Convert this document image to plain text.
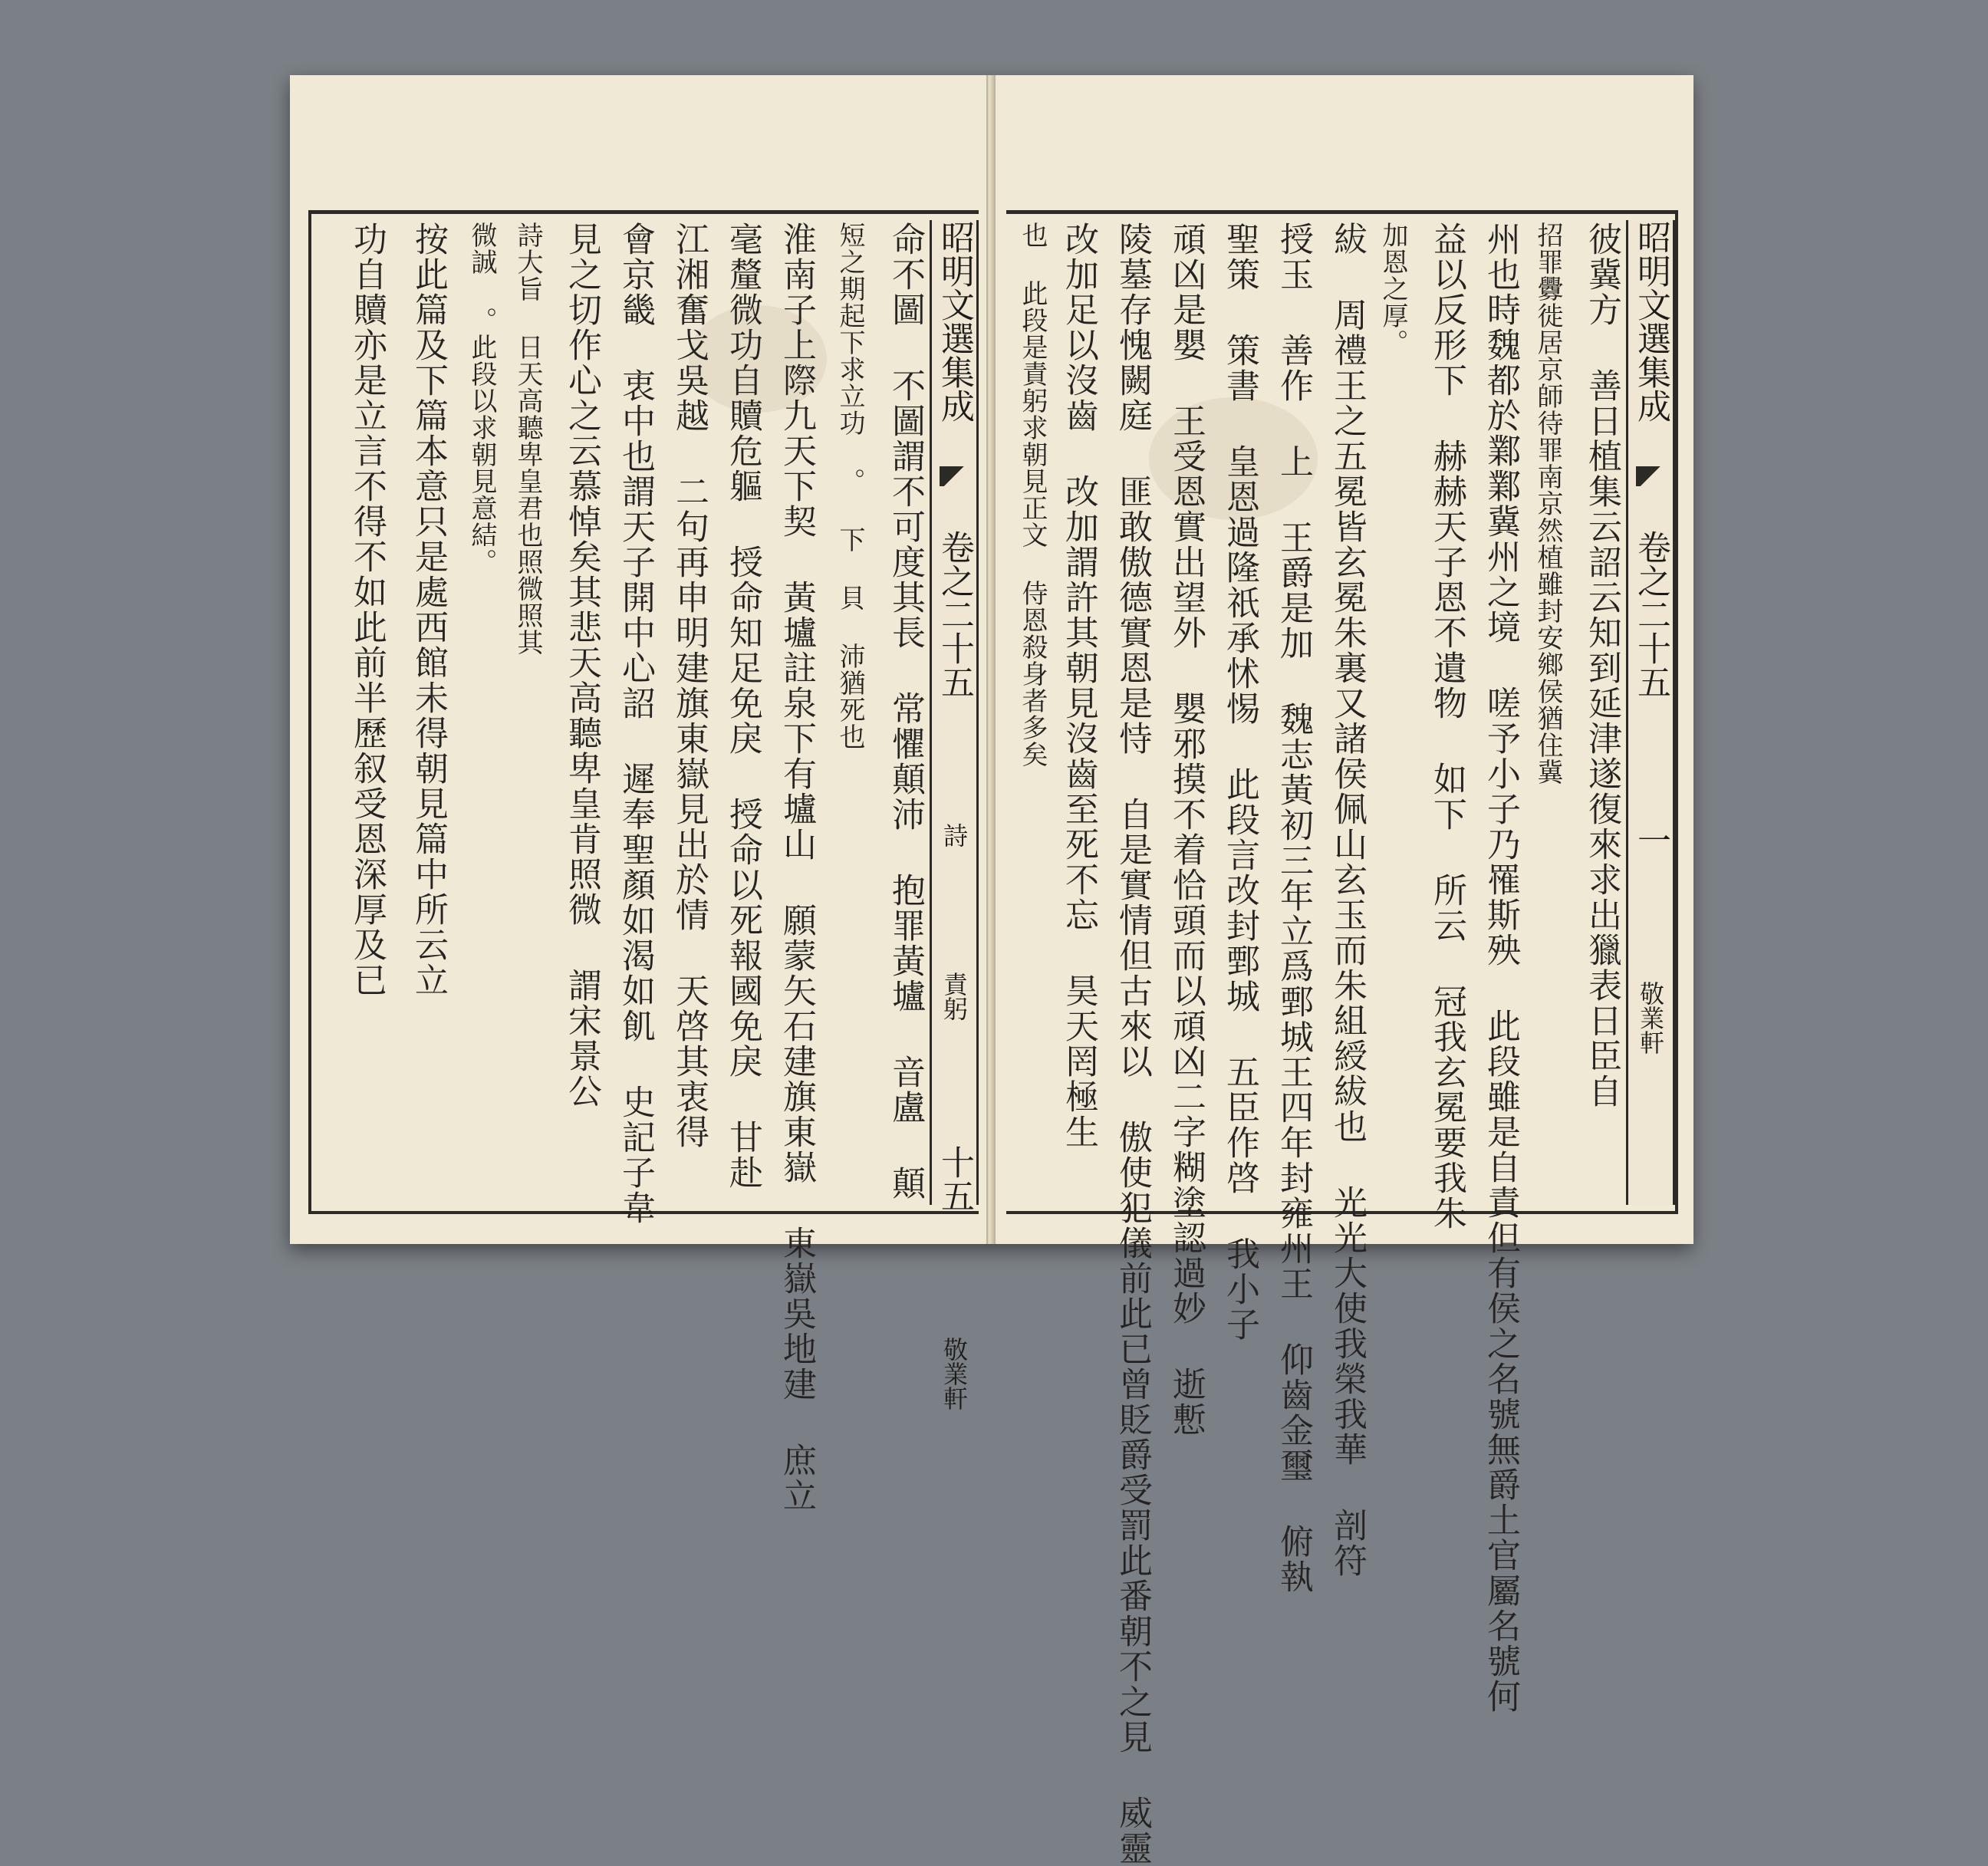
昭明文選集成  卷之二十五  詩  責躬  十五  敬業軒
命不圖 不圖謂不可度其長 常懼顛沛 抱罪黃壚 音盧 顛
短之期起下求立功 。 下 貝 沛猶死也
淮南子上際九天下契 黃壚註泉下有壚山 願蒙矢石建旗東嶽 東嶽吳地建 庶立
毫釐微功自贖危軀 授命知足免戾 授命以死報國免戾 甘赴
江湘奮戈吳越 二句再申明建旗東嶽見出於情 天啓其衷得
會京畿 衷中也謂天子開中心詔 遲奉聖顏如渴如飢 史記子韋
見之切作心之云慕悼矣其悲天高聽卑皇肯照微 謂宋景公
詩大旨 日天高聽卑皇君也照微照其
微誠 。此段以求朝見意結。
按此篇及下篇本意只是處西館未得朝見篇中所云立
功自贖亦是立言不得不如此前半歷叙受恩深厚及已	昭明文選集成  卷之二十五  一  敬業軒
彼冀方 善日植集云詔云知到延津遂復來求出獵表日臣自
招罪釁徙居京師待罪南京然植雖封安鄉侯猶住冀
州也時魏都於鄴鄴冀州之境 嗟予小子乃罹斯殃 此段雖是自責但有侯之名號無爵土官屬名號何
益以反形下 赫赫天子恩不遺物 如下 所云 冠我玄冕要我朱
加恩之厚。
紱 周禮王之五冕皆玄冕朱裏又諸侯佩山玄玉而朱組綬紱也 光光大使我榮我華 剖符
授玉 善作 上 王爵是加 魏志黃初三年立爲鄄城王四年封雍州王 仰齒金璽 俯執
聖策 策書 皇恩過隆祇承怵惕 此段言改封鄄城 五臣作啓 我小子
頑凶是嬰 王受恩實出望外 嬰邪摸不着恰頭而以頑凶二字糊塗認過妙 逝慙
陵墓存愧闕庭 匪敢傲德實恩是恃 自是實情但古來以 傲使犯儀前此已曾貶爵受罰此番朝不之見 威靈
改加足以沒齒 改加謂許其朝見沒齒至死不忘 昊天罔極生
也 此段是責躬求朝見正文 侍恩殺身者多矣
